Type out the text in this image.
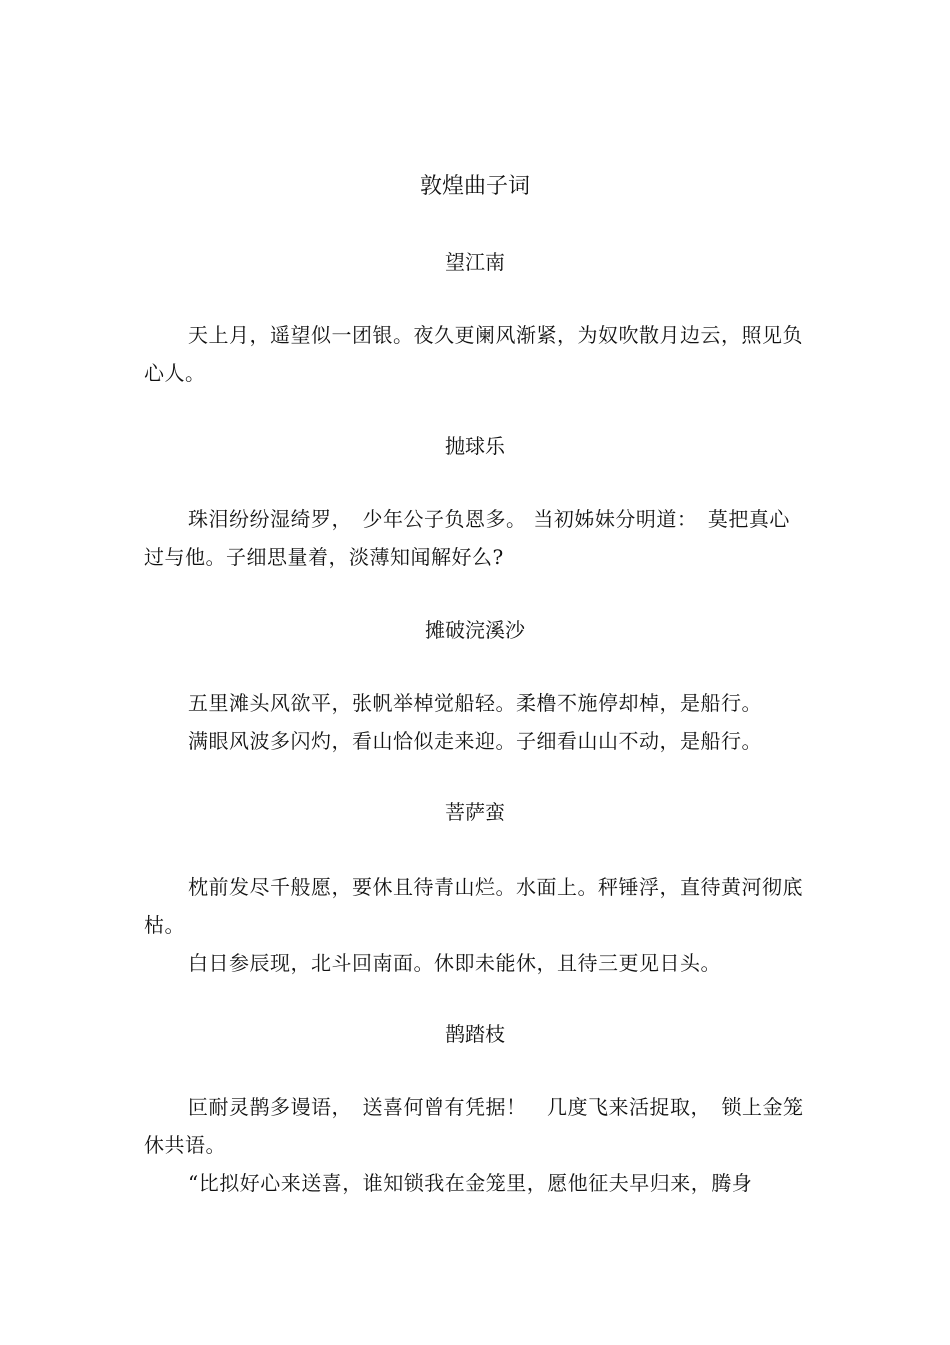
敦煌曲子词
望江南

天上月，遥望似一团银。夜久更阑风渐紧，为奴吹散月边云，照见负心人。

抛球乐

珠泪纷纷湿绮罗，　少年公子负恩多。 当初姊妹分明道：　莫把真心过与他。子细思量着，淡薄知闻解好么?

摊破浣溪沙

五里滩头风欲平，张帆举棹觉船轻。柔橹不施停却棹，是船行。

满眼风波多闪灼，看山恰似走来迎。子细看山山不动，是船行。

菩萨蛮

枕前发尽千般愿，要休且待青山烂。水面上。秤锤浮，直待黄河彻底枯。

白日参辰现，北斗回南面。休即未能休，且待三更见日头。

鹊踏枝

叵耐灵鹊多谩语，　送喜何曾有凭据！　几度飞来活捉取，　锁上金笼休共语。

“比拟好心来送喜，谁知锁我在金笼里，愿他征夫早归来，腾身
